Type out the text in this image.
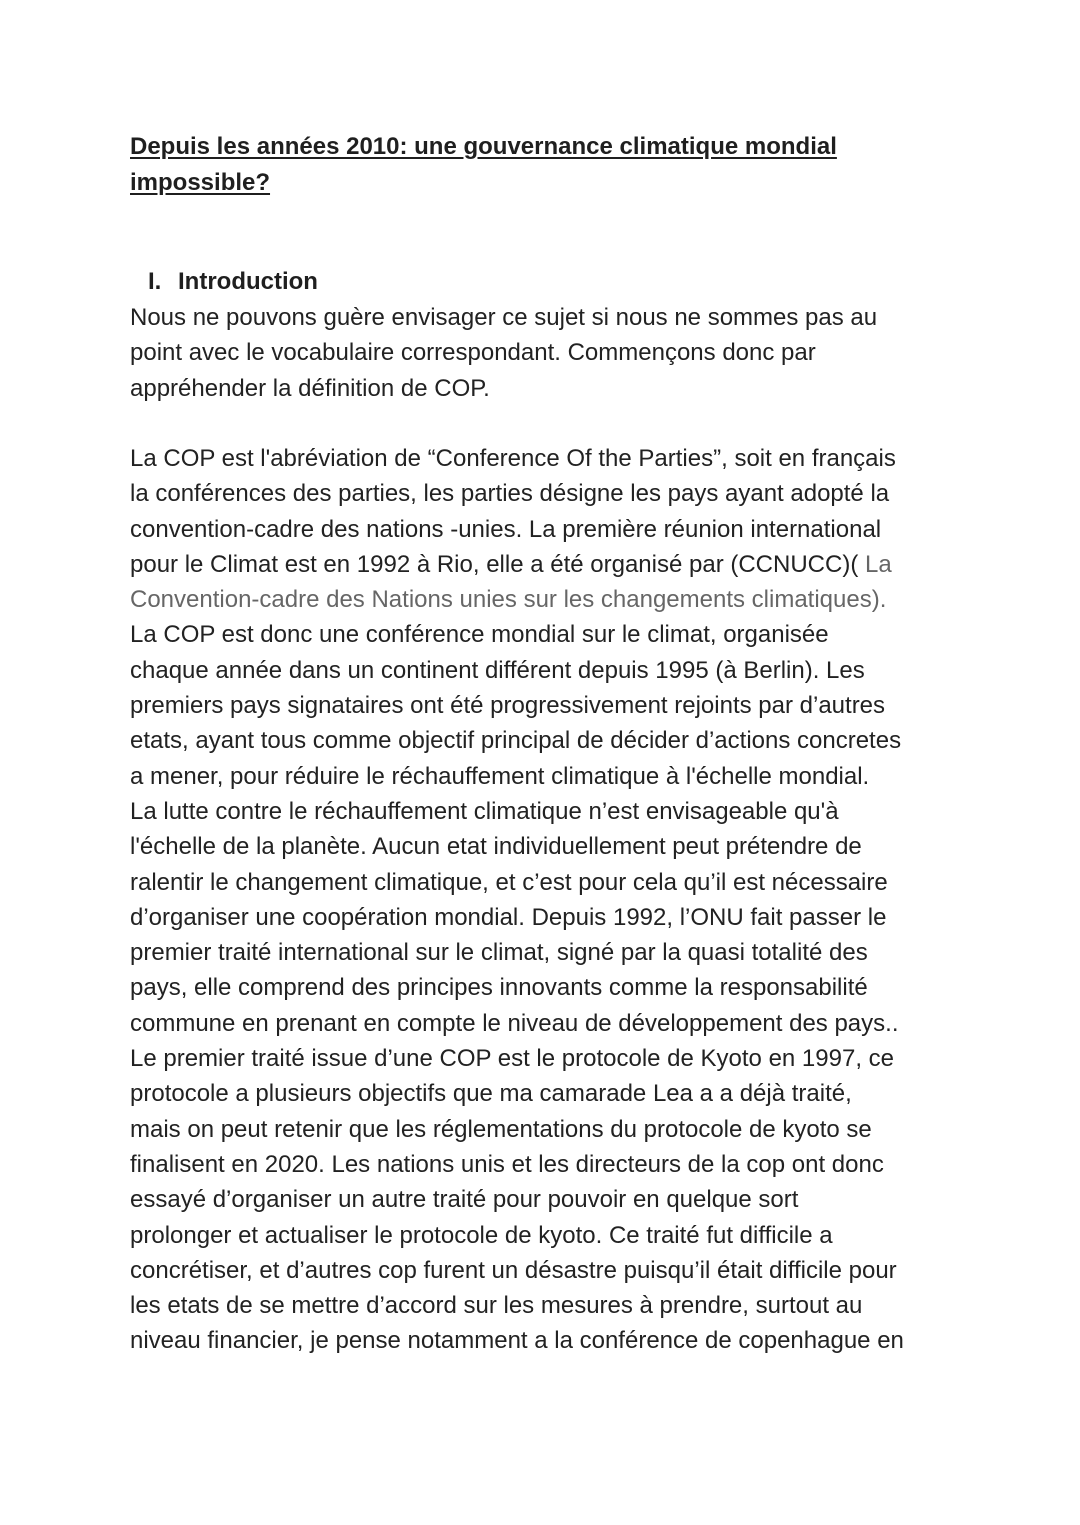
Depuis les années 2010: une gouvernance climatique mondial
impossible?
I. Introduction
Nous ne pouvons guère envisager ce sujet si nous ne sommes pas au
point avec le vocabulaire correspondant. Commençons donc par
appréhender la définition de COP.
La COP est l'abréviation de “Conference Of the Parties”, soit en français
la conférences des parties, les parties désigne les pays ayant adopté la
convention-cadre des nations -unies. La première réunion international
pour le Climat est en 1992 à Rio, elle a été organisé par (CCNUCC)( La
Convention-cadre des Nations unies sur les changements climatiques).
La COP est donc une conférence mondial sur le climat, organisée
chaque année dans un continent différent depuis 1995 (à Berlin). Les
premiers pays signataires ont été progressivement rejoints par d’autres
etats, ayant tous comme objectif principal de décider d’actions concretes
a mener, pour réduire le réchauffement climatique à l'échelle mondial.
La lutte contre le réchauffement climatique n’est envisageable qu'à
l'échelle de la planète. Aucun etat individuellement peut prétendre de
ralentir le changement climatique, et c’est pour cela qu’il est nécessaire
d’organiser une coopération mondial. Depuis 1992, l’ONU fait passer le
premier traité international sur le climat, signé par la quasi totalité des
pays, elle comprend des principes innovants comme la responsabilité
commune en prenant en compte le niveau de développement des pays..
Le premier traité issue d’une COP est le protocole de Kyoto en 1997, ce
protocole a plusieurs objectifs que ma camarade Lea a a déjà traité,
mais on peut retenir que les réglementations du protocole de kyoto se
finalisent en 2020. Les nations unis et les directeurs de la cop ont donc
essayé d’organiser un autre traité pour pouvoir en quelque sort
prolonger et actualiser le protocole de kyoto. Ce traité fut difficile a
concrétiser, et d’autres cop furent un désastre puisqu’il était difficile pour
les etats de se mettre d’accord sur les mesures à prendre, surtout au
niveau financier, je pense notamment a la conférence de copenhague en
